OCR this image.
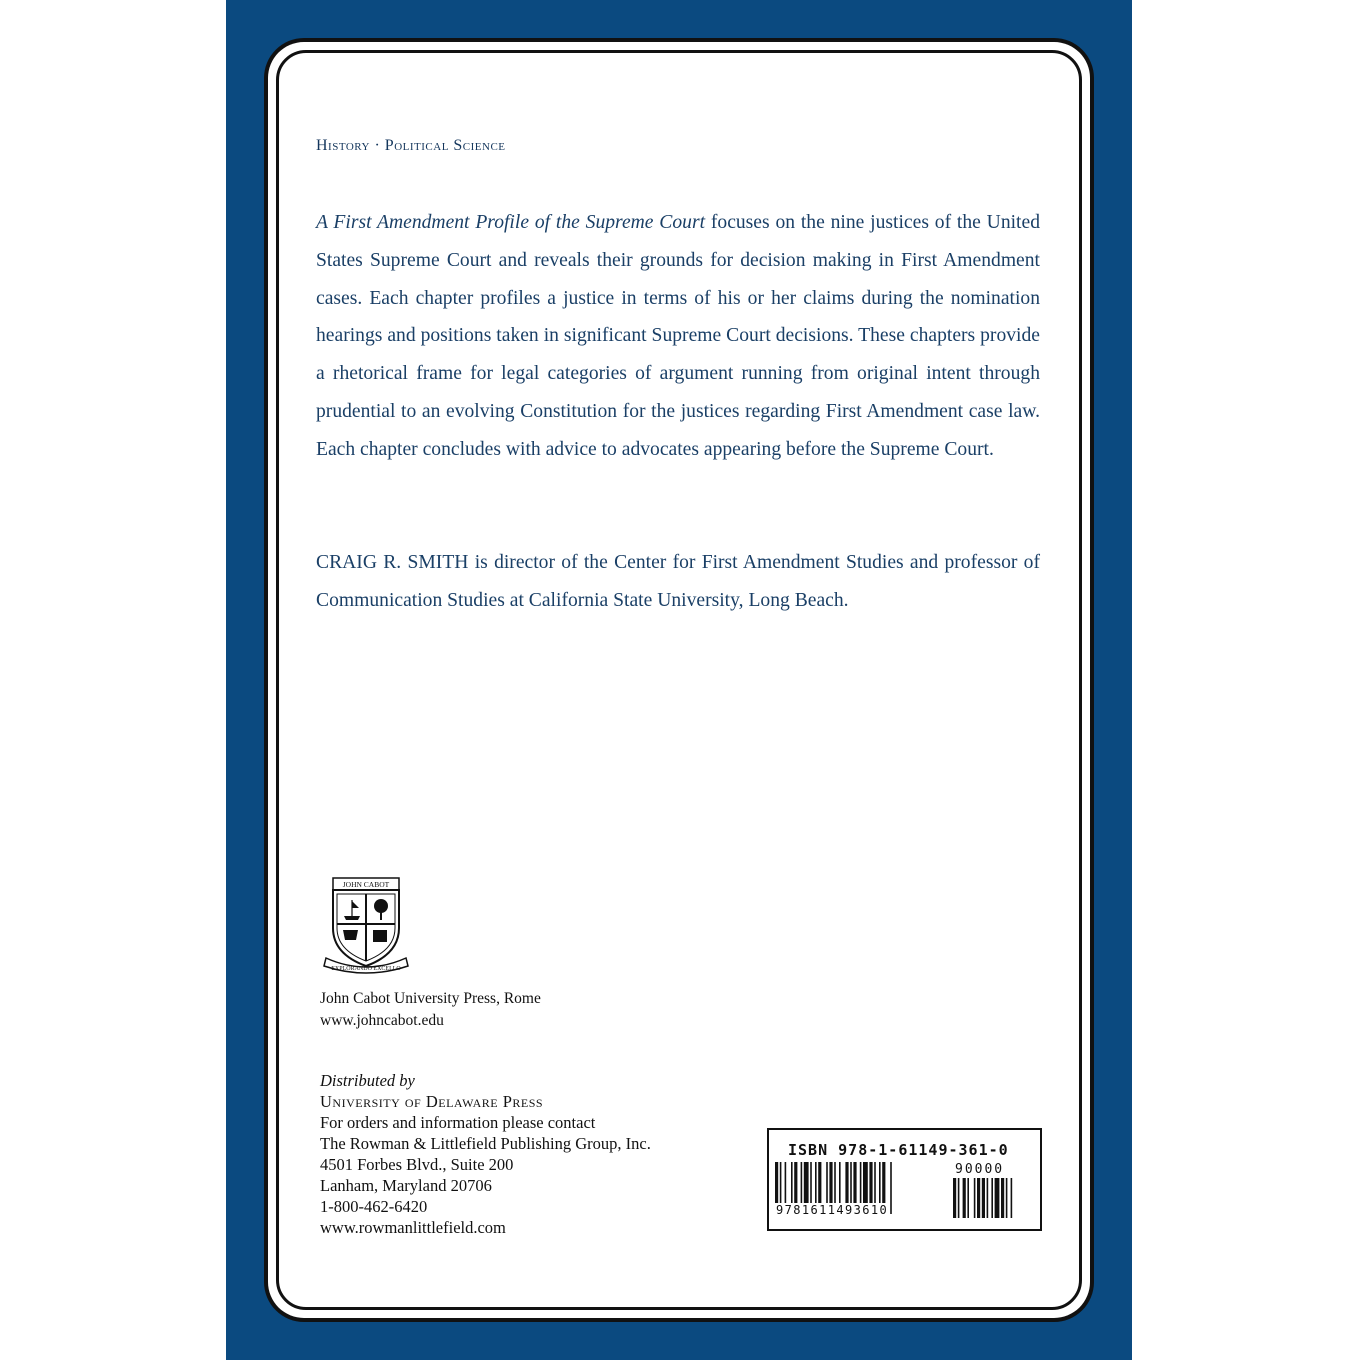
History · Political Science
A First Amendment Profile of the Supreme Court focuses on the nine justices of the United States Supreme Court and reveals their grounds for decision making in First Amendment cases. Each chapter profiles a justice in terms of his or her claims during the nomination hearings and positions taken in significant Supreme Court decisions. These chapters provide a rhetorical frame for legal categories of argument running from original intent through prudential to an evolving Constitution for the justices regarding First Amendment case law. Each chapter concludes with advice to advocates appearing before the Supreme Court.
CRAIG R. SMITH is director of the Center for First Amendment Studies and professor of Communication Studies at California State University, Long Beach.
JOHN CABOT
EXPLORANDO EXCELLO
John Cabot University Press, Rome
www.johncabot.edu
Distributed by
University of Delaware Press
For orders and information please contact
The Rowman & Littlefield Publishing Group, Inc.
4501 Forbes Blvd., Suite 200
Lanham, Maryland 20706
1-800-462-6420
www.rowmanlittlefield.com
ISBN 978-1-61149-361-0
90000
9781611493610
